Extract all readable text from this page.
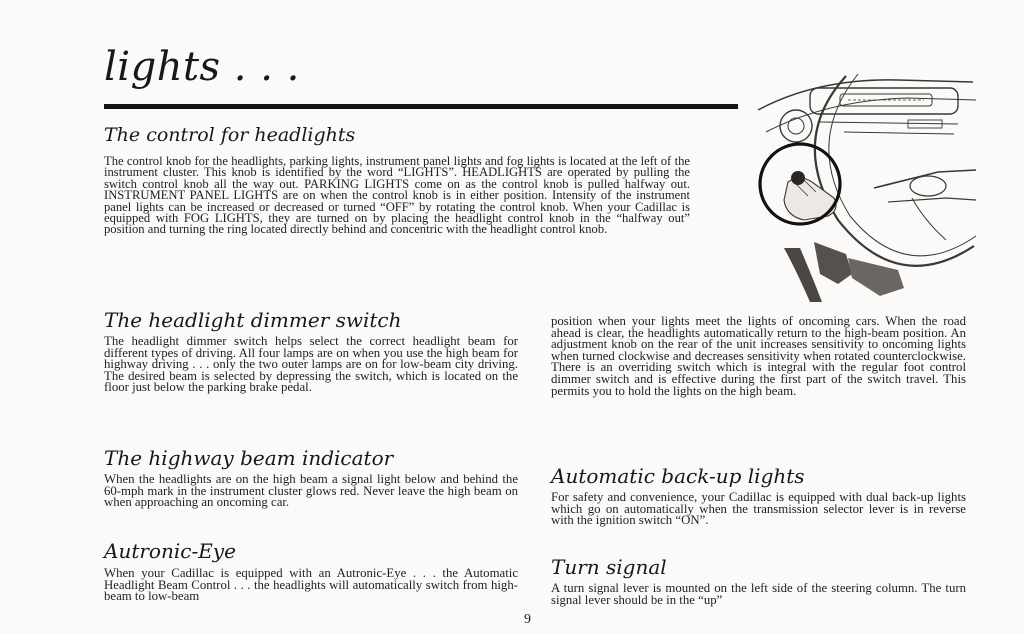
lights . . .
The control for headlights

The control knob for the headlights, parking lights, instrument panel lights and fog lights is located at the left of the instrument cluster. This knob is identified by the word “LIGHTS”. HEADLIGHTS are operated by pulling the switch control knob all the way out. PARKING LIGHTS come on as the control knob is pulled halfway out. INSTRUMENT PANEL LIGHTS are on when the control knob is in either position. Intensity of the instrument panel lights can be increased or decreased or turned “OFF” by rotating the control knob. When your Cadillac is equipped with FOG LIGHTS, they are turned on by placing the headlight control knob in the “halfway out” position and turning the ring located directly behind and concentric with the headlight control knob.

The headlight dimmer switch

The headlight dimmer switch helps select the correct headlight beam for different types of driving. All four lamps are on when you use the high beam for highway driving . . . only the two outer lamps are on for low-beam city driving. The desired beam is selected by depressing the switch, which is located on the floor just below the parking brake pedal.

The highway beam indicator

When the headlights are on the high beam a signal light below and behind the 60-mph mark in the instrument cluster glows red. Never leave the high beam on when approaching an oncoming car.

Autronic-Eye

When your Cadillac is equipped with an Autronic-Eye . . . the Automatic Headlight Beam Control . . . the headlights will automatically switch from high-beam to low-beam

position when your lights meet the lights of oncoming cars. When the road ahead is clear, the headlights automatically return to the high-beam position. An adjustment knob on the rear of the unit increases sensitivity to oncoming lights when turned clockwise and decreases sensitivity when rotated counterclockwise. There is an overriding switch which is integral with the regular foot control dimmer switch and is effective during the first part of the switch travel. This permits you to hold the lights on the high beam.

Automatic back-up lights

For safety and convenience, your Cadillac is equipped with dual back-up lights which go on automatically when the transmission selector lever is in reverse with the ignition switch “ON”.

Turn signal

A turn signal lever is mounted on the left side of the steering column. The turn signal lever should be in the “up”

9
